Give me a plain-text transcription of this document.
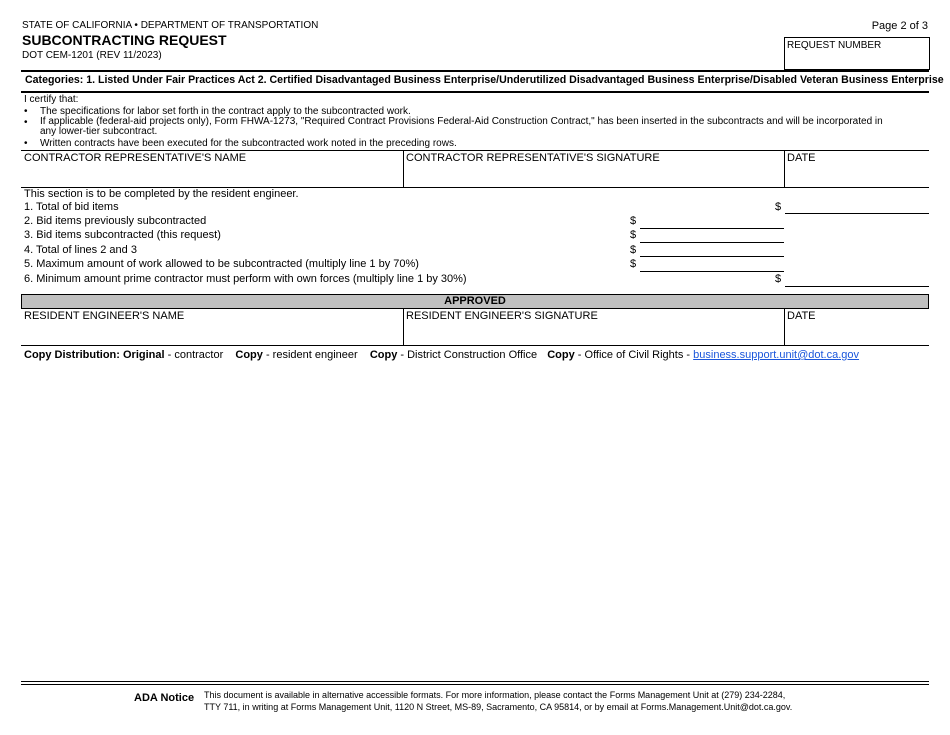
STATE OF CALIFORNIA • DEPARTMENT OF TRANSPORTATION
SUBCONTRACTING REQUEST
DOT CEM-1201 (REV 11/2023)
Page 2 of 3
REQUEST NUMBER
Categories: 1. Listed Under Fair Practices Act 2. Certified Disadvantaged Business Enterprise/Underutilized Disadvantaged Business Enterprise/Disabled Veteran Business Enterprise
I certify that:
• The specifications for labor set forth in the contract apply to the subcontracted work.
• If applicable (federal-aid projects only), Form FHWA-1273, "Required Contract Provisions Federal-Aid Construction Contract," has been inserted in the subcontracts and will be incorporated in any lower-tier subcontract.
• Written contracts have been executed for the subcontracted work noted in the preceding rows.
CONTRACTOR REPRESENTATIVE'S NAME	CONTRACTOR REPRESENTATIVE'S SIGNATURE	DATE
This section is to be completed by the resident engineer.
1. Total of bid items	$
2. Bid items previously subcontracted	$
3. Bid items subcontracted (this request)	$
4. Total of lines 2 and 3	$
5. Maximum amount of work allowed to be subcontracted (multiply line 1 by 70%)	$
6. Minimum amount prime contractor must perform with own forces (multiply line 1 by 30%)	$
APPROVED
RESIDENT ENGINEER'S NAME	RESIDENT ENGINEER'S SIGNATURE	DATE
Copy Distribution: Original - contractor Copy - resident engineer Copy - District Construction Office Copy - Office of Civil Rights - business.support.unit@dot.ca.gov
ADA Notice This document is available in alternative accessible formats. For more information, please contact the Forms Management Unit at (279) 234-2284,
TTY 711, in writing at Forms Management Unit, 1120 N Street, MS-89, Sacramento, CA 95814, or by email at Forms.Management.Unit@dot.ca.gov.
